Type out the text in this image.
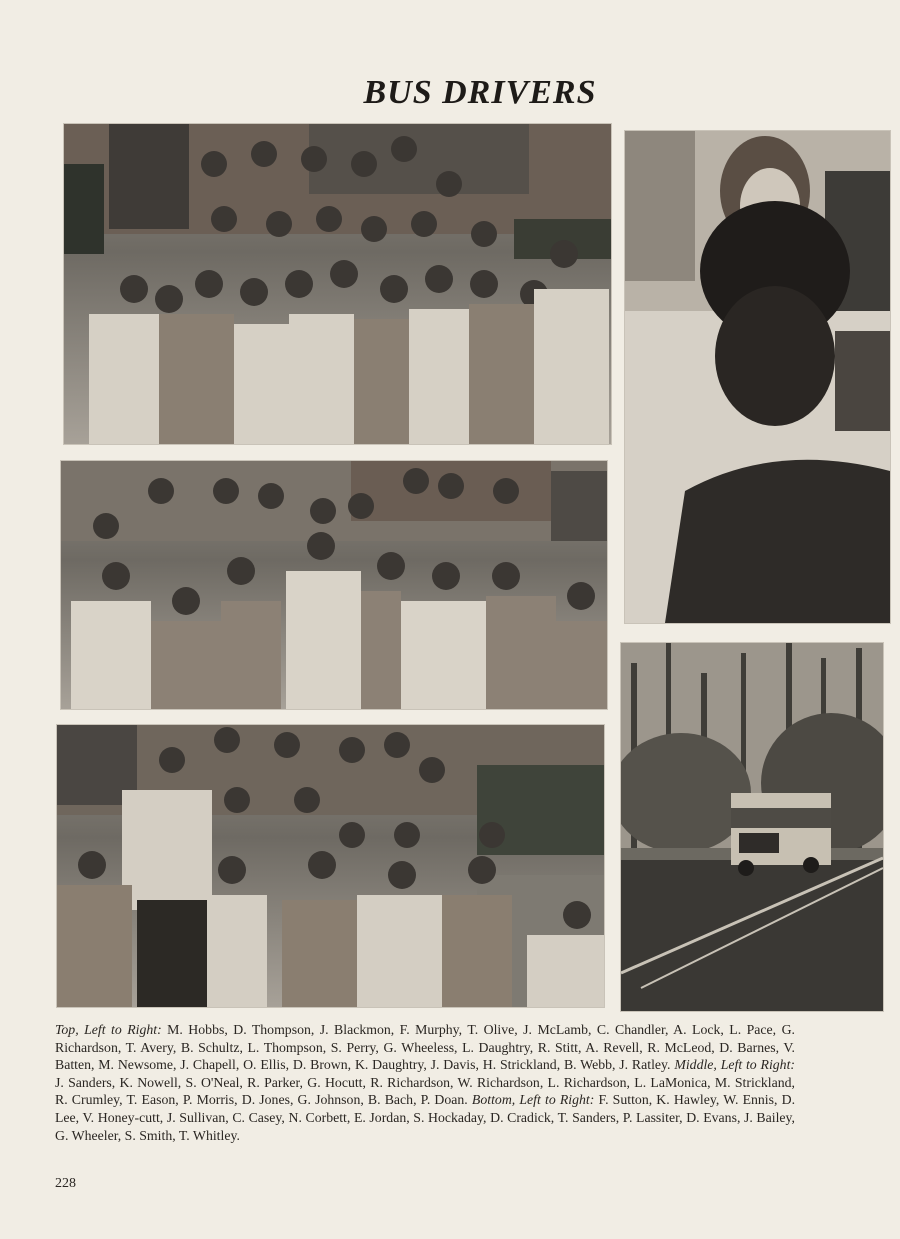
BUS DRIVERS
Top, Left to Right: M. Hobbs, D. Thompson, J. Blackmon, F. Murphy, T. Olive, J. McLamb, C. Chandler, A. Lock, L. Pace, G. Richardson, T. Avery, B. Schultz, L. Thompson, S. Perry, G. Wheeless, L. Daughtry, R. Stitt, A. Revell, R. McLeod, D. Barnes, V. Batten, M. Newsome, J. Chapell, O. Ellis, D. Brown, K. Daughtry, J. Davis, H. Strickland, B. Webb, J. Ratley. Middle, Left to Right: J. Sanders, K. Nowell, S. O'Neal, R. Parker, G. Hocutt, R. Richardson, W. Richardson, L. Richardson, L. LaMonica, M. Strickland, R. Crumley, T. Eason, P. Morris, D. Jones, G. Johnson, B. Bach, P. Doan. Bottom, Left to Right: F. Sutton, K. Hawley, W. Ennis, D. Lee, V. Honey-cutt, J. Sullivan, C. Casey, N. Corbett, E. Jordan, S. Hockaday, D. Cradick, T. Sanders, P. Lassiter, D. Evans, J. Bailey, G. Wheeler, S. Smith, T. Whitley.
228
